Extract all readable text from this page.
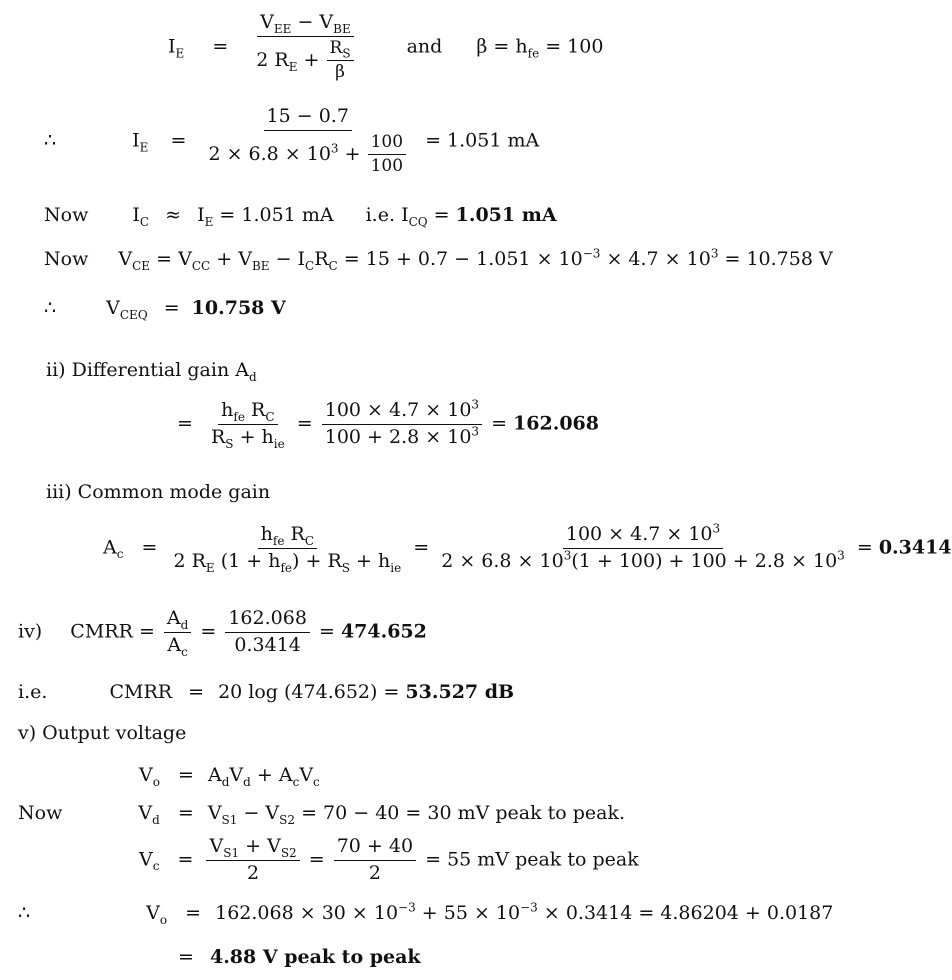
$I_E = \frac{V_{EE} - V_{BE}}{2 R_E + \frac{R_S}{\beta}}$	and $\beta = h_{fe} = 100$
∴	$I_E = \frac{15 - 0.7}{2 \times 6.8 \times 10^3 + \frac{100}{100}} = 1.051$ mA
Now $I_C \approx I_E = 1.051$ mA i.e. $I_{CQ} = 1.051$ mA
Now $V_{CE} = V_{CC} + V_{BE} - I_CR_C = 15 + 0.7 - 1.051 \times 10^{-3} \times 4.7 \times 10^3 = 10.758$ V
∴	$V_{CEQ} = 10.758$ V
ii) Differential gain $A_d$
= $\frac{h_{fe} R_C}{R_S + h_{ie}} = \frac{100 \times 4.7 \times 10^3}{100 + 2.8 \times 10^3} = 162.068$
iii) Common mode gain
$A_c = \frac{h_{fe} R_C}{2 R_E (1 + h_{fe}) + R_S + h_{ie}} = \frac{100 \times 4.7 \times 10^3}{2 \times 6.8 \times 10^3(1 + 100) + 100 + 2.8 \times 10^3} = 0.3414$
iv) CMRR = $\frac{A_d}{A_c} = \frac{162.068}{0.3414} = 474.652$
i.e.	CMRR = 20 log (474.652) = 53.527 dB
v) Output voltage
$V_o = A_dV_d + A_cV_c$
Now	$V_d = V_{S1} - V_{S2} = 70 - 40 = 30$ mV peak to peak.
$V_c = \frac{V_{S1} + V_{S2}}{2} = \frac{70 + 40}{2} = 55$ mV peak to peak
∴	$V_o = 162.068 \times 30 \times 10^{-3} + 55 \times 10^{-3} \times 0.3414 = 4.86204 + 0.0187$
= 4.88 V peak to peak
